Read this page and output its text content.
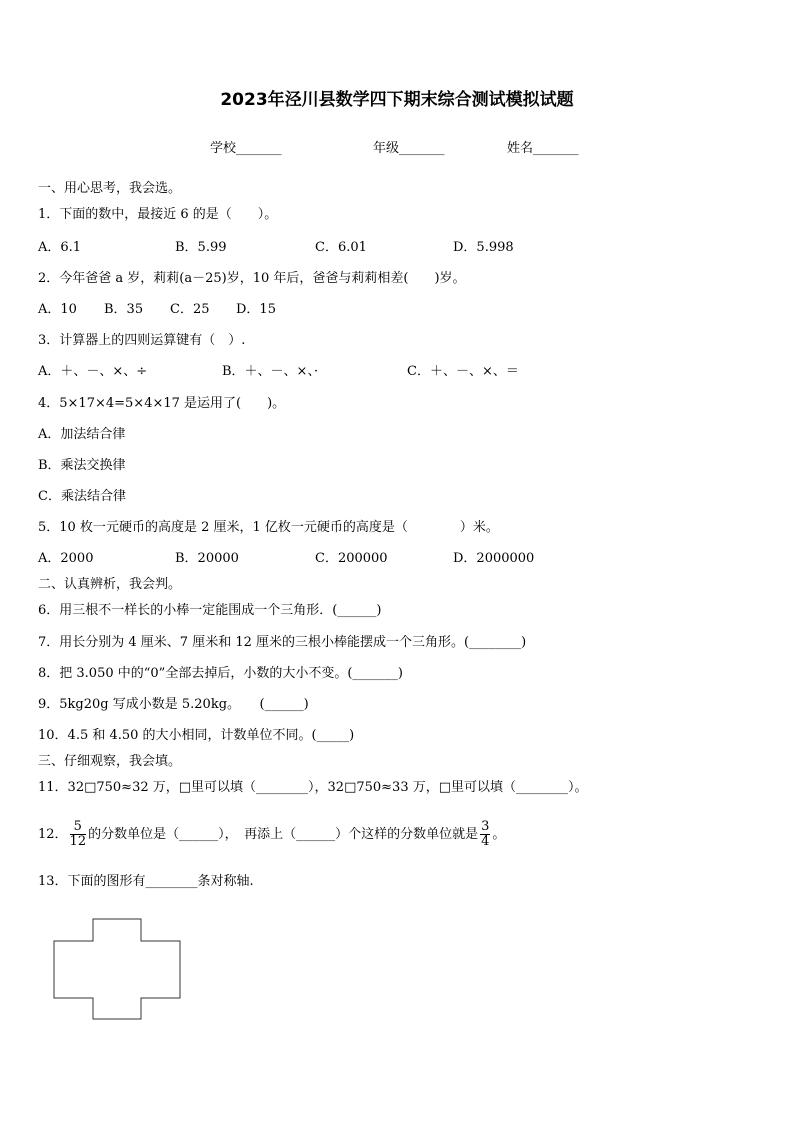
2023年泾川县数学四下期末综合测试模拟试题
学校_______	年级_______	姓名_______
一、用心思考，我会选。
1．下面的数中，最接近 6 的是（　　）。
A．6.1	B．5.99	C．6.01	D．5.998
2．今年爸爸 a 岁，莉莉(a－25)岁，10 年后，爸爸与莉莉相差(　　)岁。
A．10 B．35 C．25 D．15
3．计算器上的四则运算键有（　）.
A．＋、－、×、÷	B．＋、－、×、·	C．＋、－、×、＝
4．5×17×4=5×4×17 是运用了(　　)。
A．加法结合律
B．乘法交换律
C．乘法结合律
5．10 枚一元硬币的高度是 2 厘米，1 亿枚一元硬币的高度是（　　　　）米。
A．2000	B．20000	C．200000	D．2000000
二、认真辨析，我会判。
6．用三根不一样长的小棒一定能围成一个三角形．(______)
7．用长分别为 4 厘米、7 厘米和 12 厘米的三根小棒能摆成一个三角形。(________)
8．把 3.050 中的“0”全部去掉后，小数的大小不变。(_______)
9．5kg20g 写成小数是 5.20kg。　　(______)
10．4.5 和 4.50 的大小相同，计数单位不同。(_____)
三、仔细观察，我会填。
11．32□750≈32 万，□里可以填（________），32□750≈33 万，□里可以填（________）。
12． $\frac{5}{12}$ 的分数单位是（______），　再添上（______）个这样的分数单位就是 $\frac{3}{4}$ 。
13．下面的图形有________条对称轴.
